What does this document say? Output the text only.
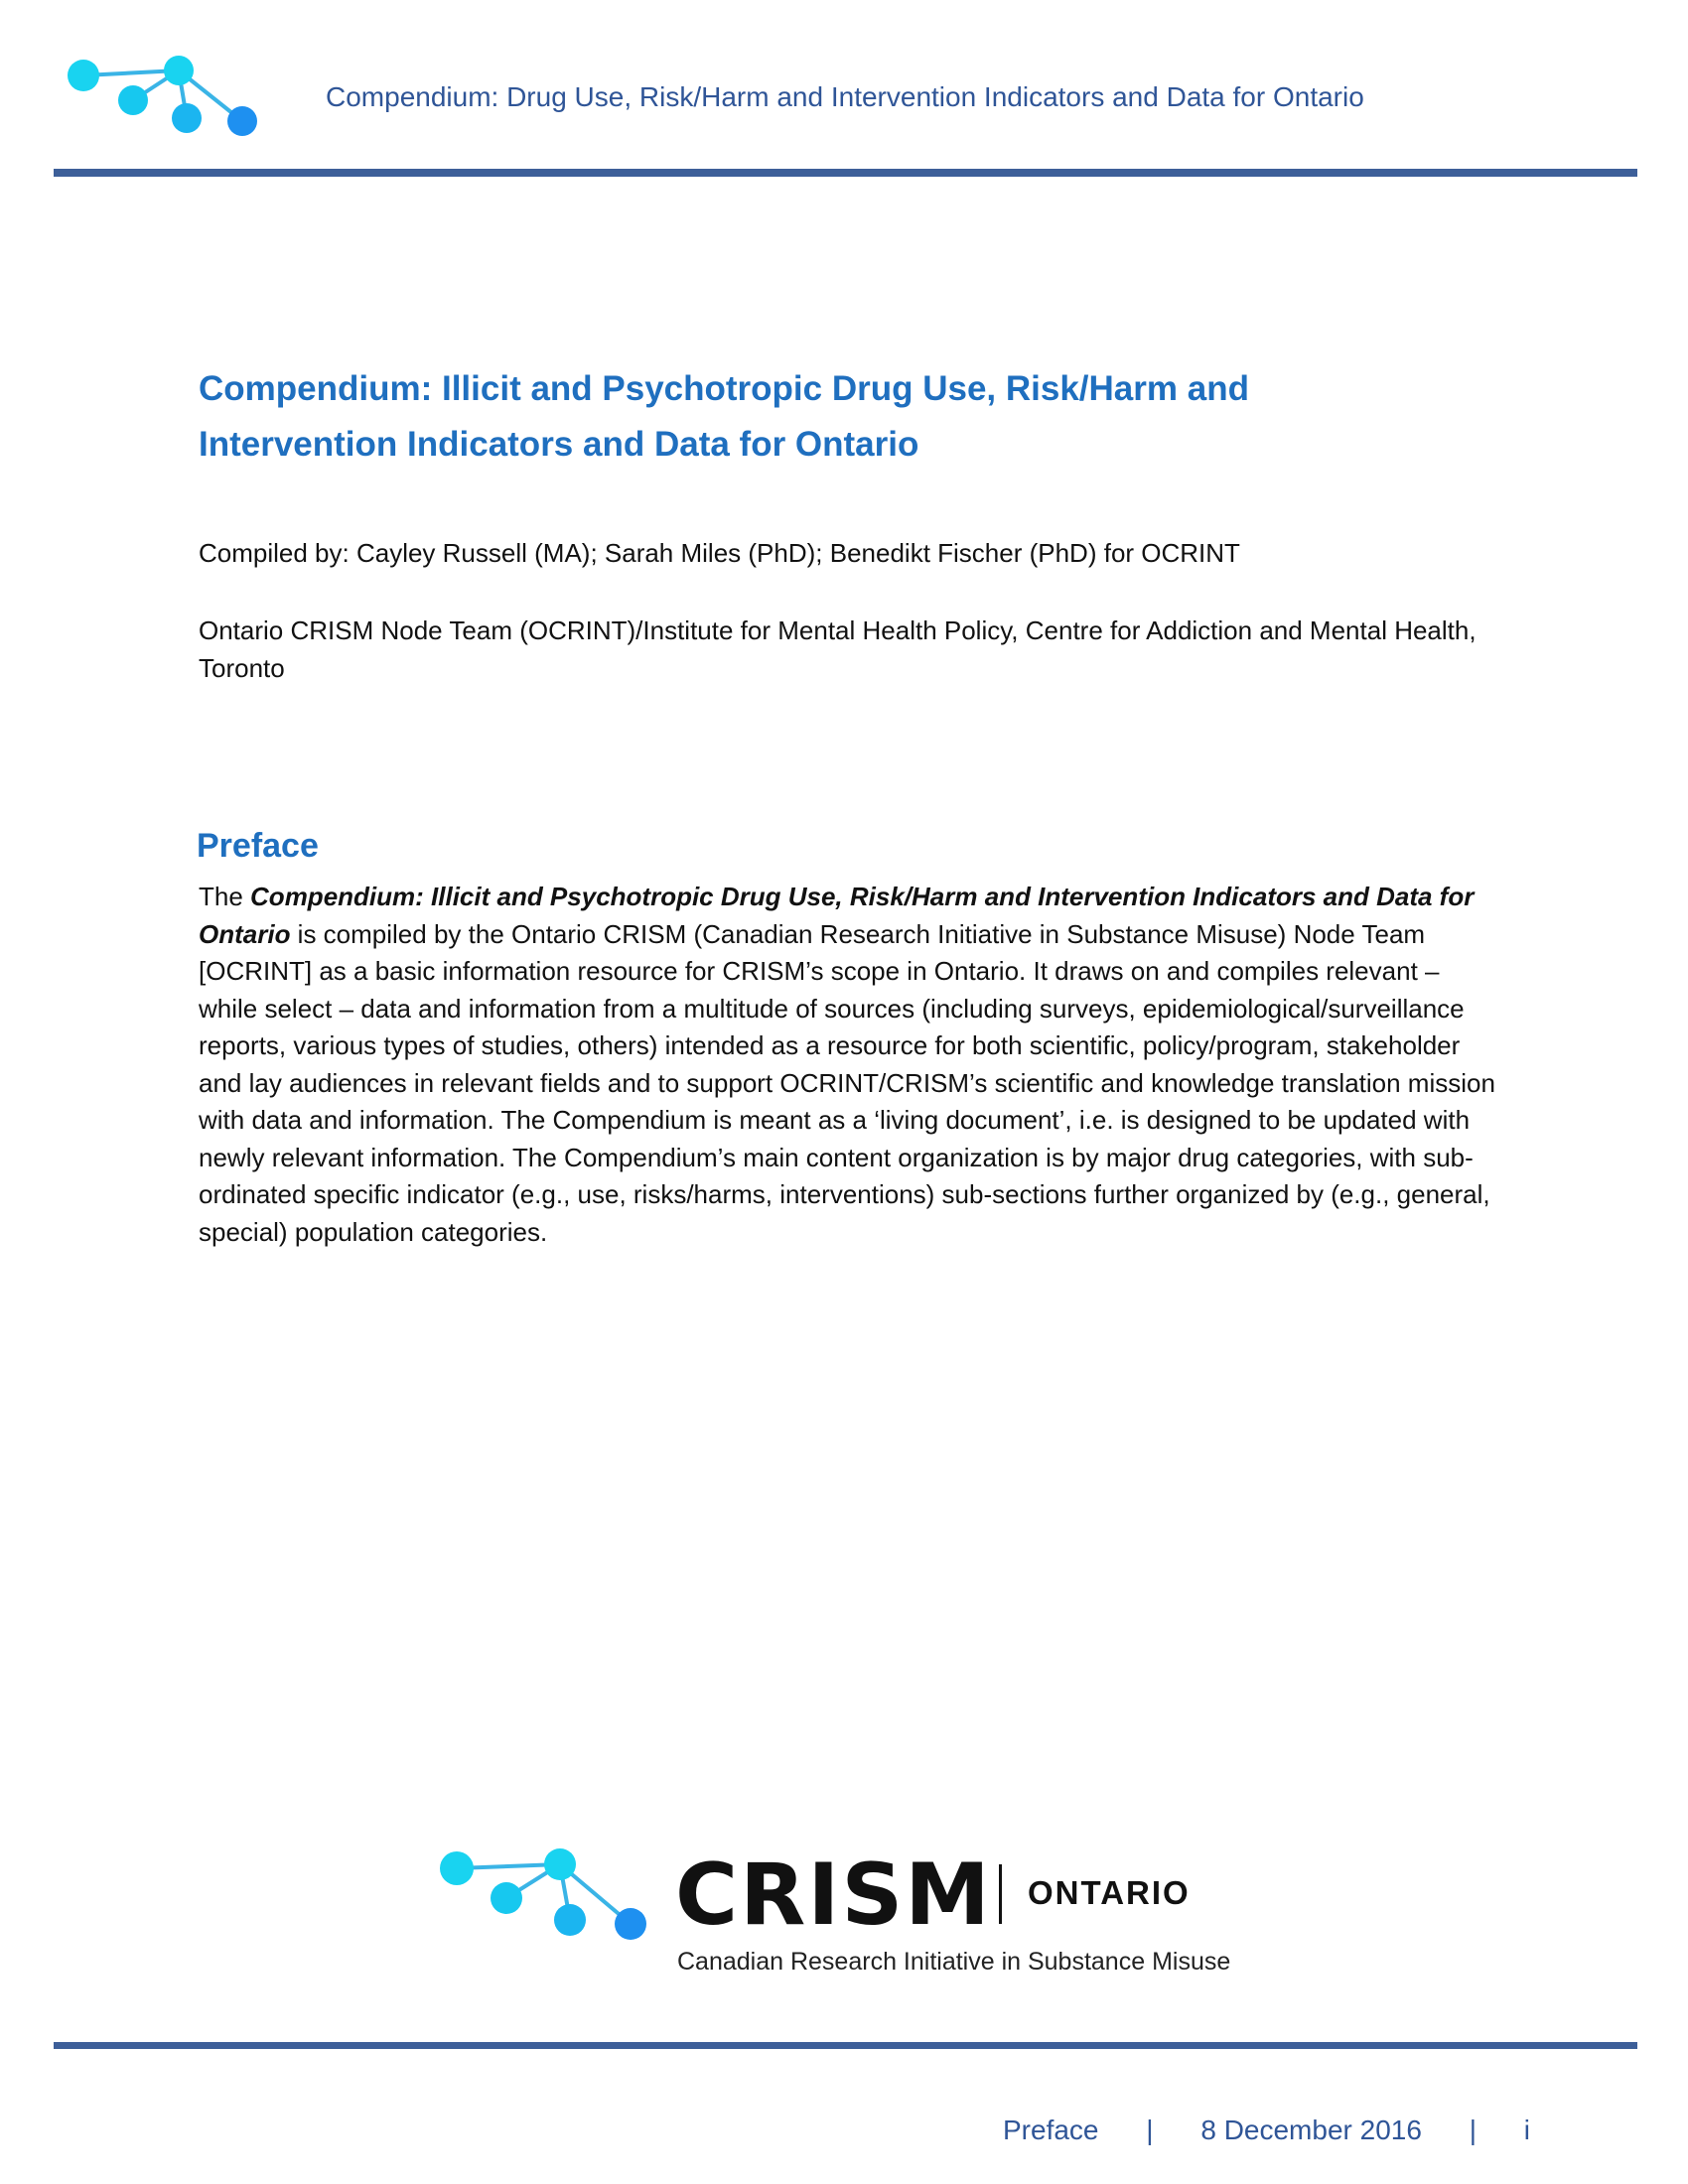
Compendium: Drug Use, Risk/Harm and Intervention Indicators and Data for Ontario
Compendium: Illicit and Psychotropic Drug Use, Risk/Harm and
Intervention Indicators and Data for Ontario

Compiled by: Cayley Russell (MA); Sarah Miles (PhD); Benedikt Fischer (PhD) for OCRINT

Ontario CRISM Node Team (OCRINT)/Institute for Mental Health Policy, Centre for Addiction and Mental Health, Toronto

Preface

The Compendium: Illicit and Psychotropic Drug Use, Risk/Harm and Intervention Indicators and Data for Ontario is compiled by the Ontario CRISM (Canadian Research Initiative in Substance Misuse) Node Team [OCRINT] as a basic information resource for CRISM’s scope in Ontario. It draws on and compiles relevant – while select – data and information from a multitude of sources (including surveys, epidemiological/surveillance reports, various types of studies, others) intended as a resource for both scientific, policy/program, stakeholder and lay audiences in relevant fields and to support OCRINT/CRISM’s scientific and knowledge translation mission with data and information. The Compendium is meant as a ‘living document’, i.e. is designed to be updated with newly relevant information. The Compendium’s main content organization is by major drug categories, with sub-ordinated specific indicator (e.g., use, risks/harms, interventions) sub-sections further organized by (e.g., general, special) population categories.

CRISM ONTARIO
Canadian Research Initiative in Substance Misuse
Preface | 8 December 2016 | i
